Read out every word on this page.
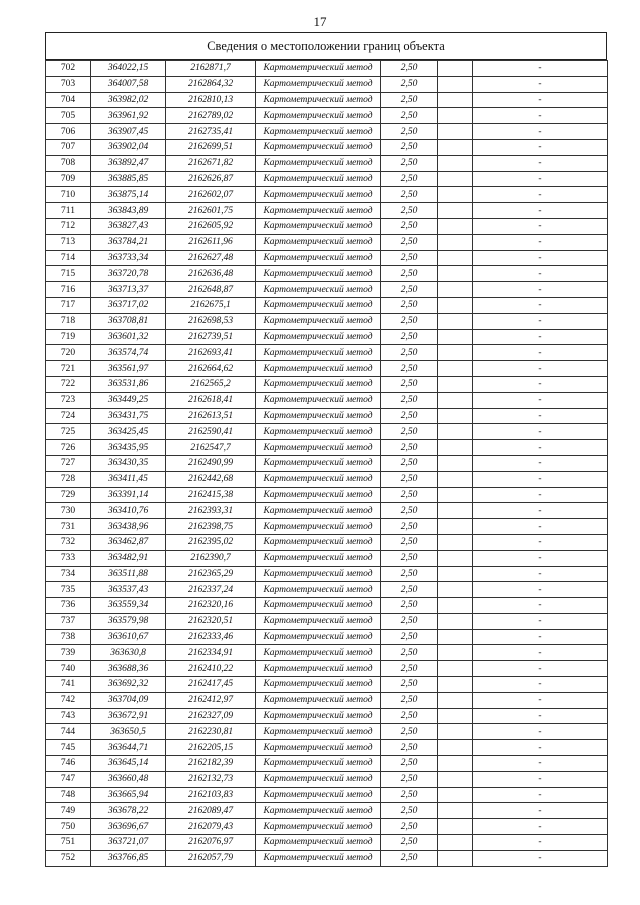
17
Сведения о местоположении границ объекта
702	364022,15	2162871,7	Картометрический метод	2,50		-
703	364007,58	2162864,32	Картометрический метод	2,50		-
704	363982,02	2162810,13	Картометрический метод	2,50		-
705	363961,92	2162789,02	Картометрический метод	2,50		-
706	363907,45	2162735,41	Картометрический метод	2,50		-
707	363902,04	2162699,51	Картометрический метод	2,50		-
708	363892,47	2162671,82	Картометрический метод	2,50		-
709	363885,85	2162626,87	Картометрический метод	2,50		-
710	363875,14	2162602,07	Картометрический метод	2,50		-
711	363843,89	2162601,75	Картометрический метод	2,50		-
712	363827,43	2162605,92	Картометрический метод	2,50		-
713	363784,21	2162611,96	Картометрический метод	2,50		-
714	363733,34	2162627,48	Картометрический метод	2,50		-
715	363720,78	2162636,48	Картометрический метод	2,50		-
716	363713,37	2162648,87	Картометрический метод	2,50		-
717	363717,02	2162675,1	Картометрический метод	2,50		-
718	363708,81	2162698,53	Картометрический метод	2,50		-
719	363601,32	2162739,51	Картометрический метод	2,50		-
720	363574,74	2162693,41	Картометрический метод	2,50		-
721	363561,97	2162664,62	Картометрический метод	2,50		-
722	363531,86	2162565,2	Картометрический метод	2,50		-
723	363449,25	2162618,41	Картометрический метод	2,50		-
724	363431,75	2162613,51	Картометрический метод	2,50		-
725	363425,45	2162590,41	Картометрический метод	2,50		-
726	363435,95	2162547,7	Картометрический метод	2,50		-
727	363430,35	2162490,99	Картометрический метод	2,50		-
728	363411,45	2162442,68	Картометрический метод	2,50		-
729	363391,14	2162415,38	Картометрический метод	2,50		-
730	363410,76	2162393,31	Картометрический метод	2,50		-
731	363438,96	2162398,75	Картометрический метод	2,50		-
732	363462,87	2162395,02	Картометрический метод	2,50		-
733	363482,91	2162390,7	Картометрический метод	2,50		-
734	363511,88	2162365,29	Картометрический метод	2,50		-
735	363537,43	2162337,24	Картометрический метод	2,50		-
736	363559,34	2162320,16	Картометрический метод	2,50		-
737	363579,98	2162320,51	Картометрический метод	2,50		-
738	363610,67	2162333,46	Картометрический метод	2,50		-
739	363630,8	2162334,91	Картометрический метод	2,50		-
740	363688,36	2162410,22	Картометрический метод	2,50		-
741	363692,32	2162417,45	Картометрический метод	2,50		-
742	363704,09	2162412,97	Картометрический метод	2,50		-
743	363672,91	2162327,09	Картометрический метод	2,50		-
744	363650,5	2162230,81	Картометрический метод	2,50		-
745	363644,71	2162205,15	Картометрический метод	2,50		-
746	363645,14	2162182,39	Картометрический метод	2,50		-
747	363660,48	2162132,73	Картометрический метод	2,50		-
748	363665,94	2162103,83	Картометрический метод	2,50		-
749	363678,22	2162089,47	Картометрический метод	2,50		-
750	363696,67	2162079,43	Картометрический метод	2,50		-
751	363721,07	2162076,97	Картометрический метод	2,50		-
752	363766,85	2162057,79	Картометрический метод	2,50		-
